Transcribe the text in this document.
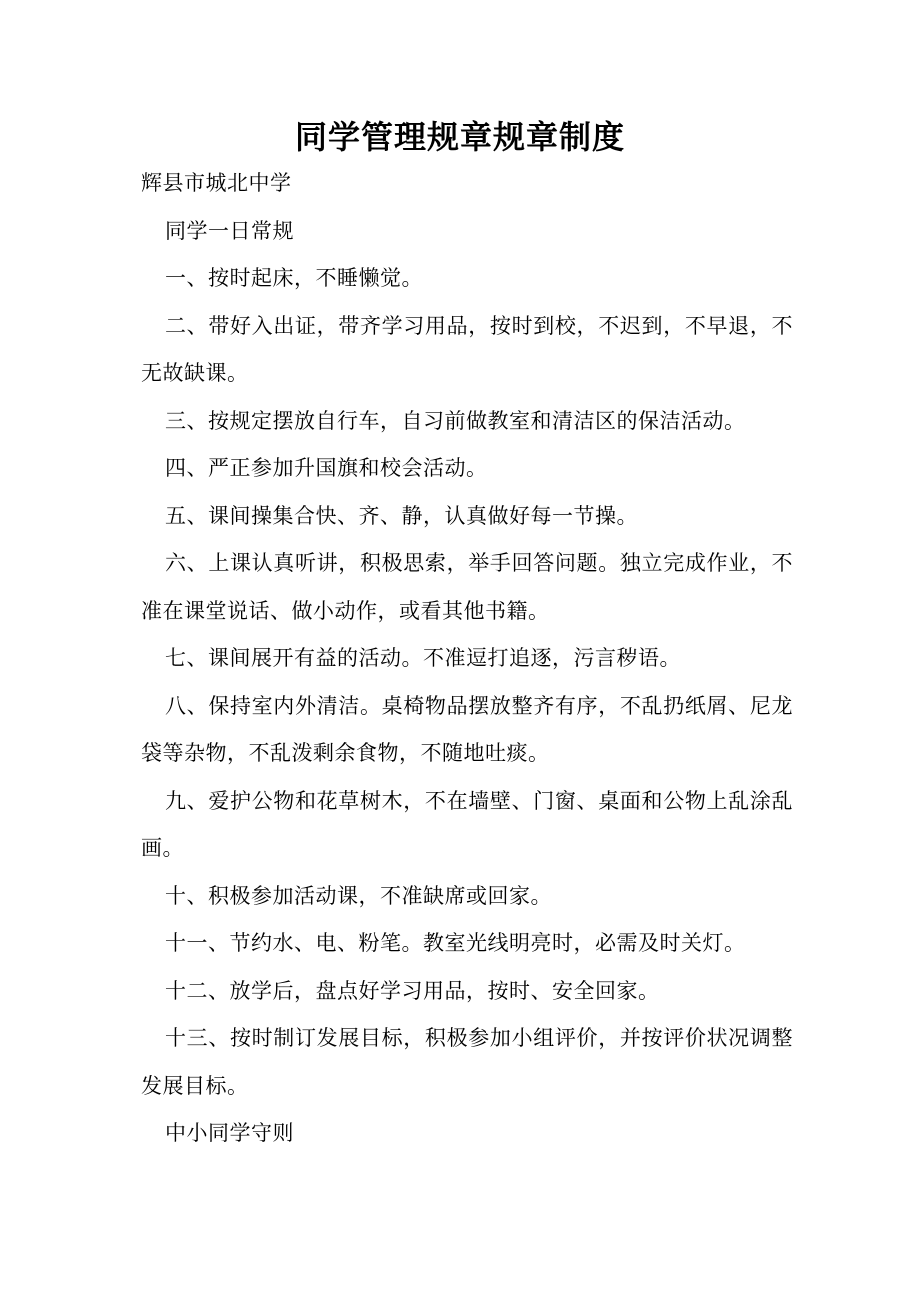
同学管理规章规章制度

辉县市城北中学

同学一日常规

一、按时起床，不睡懒觉。

二、带好入出证，带齐学习用品，按时到校，不迟到，不早退，不无故缺课。

三、按规定摆放自行车，自习前做教室和清洁区的保洁活动。

四、严正参加升国旗和校会活动。

五、课间操集合快、齐、静，认真做好每一节操。

六、上课认真听讲，积极思索，举手回答问题。独立完成作业，不准在课堂说话、做小动作，或看其他书籍。

七、课间展开有益的活动。不准逗打追逐，污言秽语。

八、保持室内外清洁。桌椅物品摆放整齐有序，不乱扔纸屑、尼龙袋等杂物，不乱泼剩余食物，不随地吐痰。

九、爱护公物和花草树木，不在墙壁、门窗、桌面和公物上乱涂乱画。

十、积极参加活动课，不准缺席或回家。

十一、节约水、电、粉笔。教室光线明亮时，必需及时关灯。

十二、放学后，盘点好学习用品，按时、安全回家。

十三、按时制订发展目标，积极参加小组评价，并按评价状况调整发展目标。

中小同学守则
